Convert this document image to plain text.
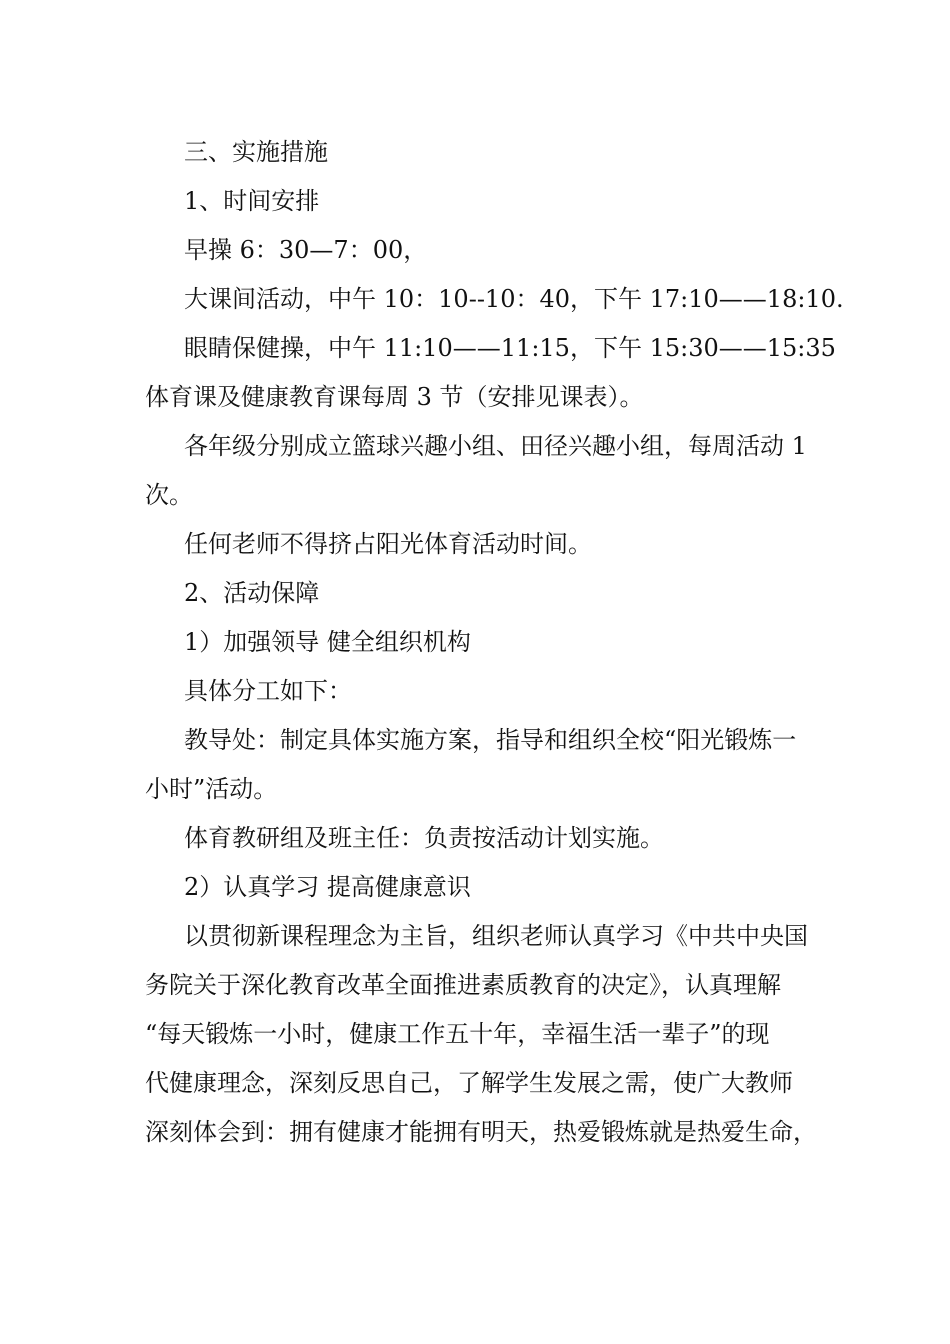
三、实施措施
1、时间安排
早操 6：30—7：00，
大课间活动，中午 10：10--10：40，下午 17:10——18:10.
眼睛保健操，中午 11:10——11:15，下午 15:30——15:35
体育课及健康教育课每周 3 节（安排见课表）。
各年级分别成立篮球兴趣小组、田径兴趣小组，每周活动 1
次。
任何老师不得挤占阳光体育活动时间。
2、活动保障
1）加强领导 健全组织机构
具体分工如下：
教导处：制定具体实施方案，指导和组织全校“阳光锻炼一
小时”活动。
体育教研组及班主任：负责按活动计划实施。
2）认真学习 提高健康意识
以贯彻新课程理念为主旨，组织老师认真学习《中共中央国
务院关于深化教育改革全面推进素质教育的决定》，认真理解
“每天锻炼一小时，健康工作五十年，幸福生活一辈子”的现
代健康理念，深刻反思自己，了解学生发展之需，使广大教师
深刻体会到：拥有健康才能拥有明天，热爱锻炼就是热爱生命，
